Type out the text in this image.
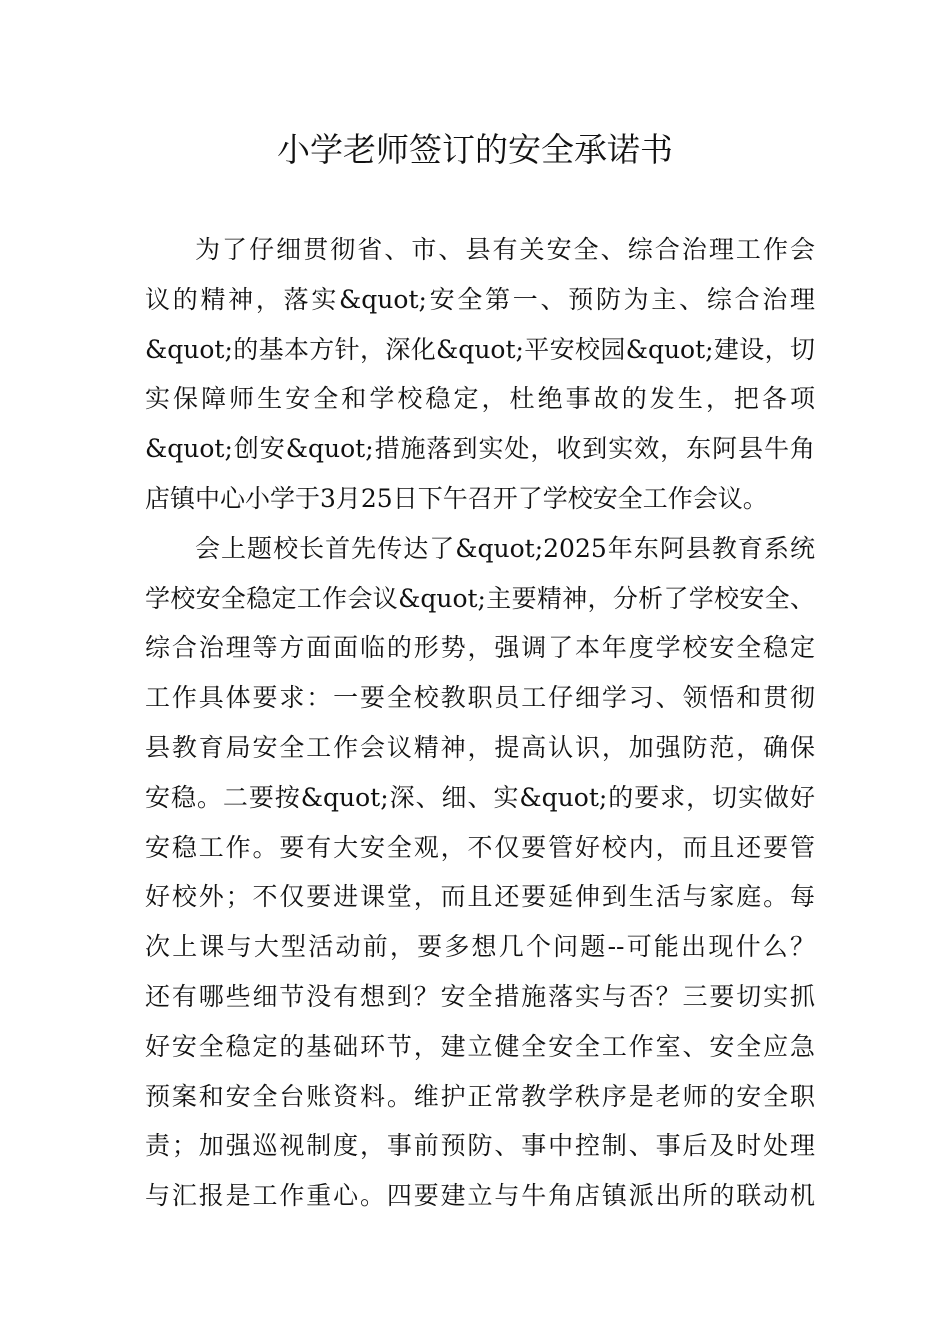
小学老师签订的安全承诺书
为了仔细贯彻省、市、县有关安全、综合治理工作会
议的精神，落实&quot;安全第一、预防为主、综合治理
&quot;的基本方针，深化&quot;平安校园&quot;建设，切
实保障师生安全和学校稳定，杜绝事故的发生，把各项
&quot;创安&quot;措施落到实处，收到实效，东阿县牛角
店镇中心小学于3月25日下午召开了学校安全工作会议。
会上题校长首先传达了&quot;2025年东阿县教育系统
学校安全稳定工作会议&quot;主要精神，分析了学校安全、
综合治理等方面面临的形势，强调了本年度学校安全稳定
工作具体要求：一要全校教职员工仔细学习、领悟和贯彻
县教育局安全工作会议精神，提高认识，加强防范，确保
安稳。二要按&quot;深、细、实&quot;的要求，切实做好
安稳工作。要有大安全观，不仅要管好校内，而且还要管
好校外；不仅要进课堂，而且还要延伸到生活与家庭。每
次上课与大型活动前，要多想几个问题--可能出现什么？
还有哪些细节没有想到？安全措施落实与否？三要切实抓
好安全稳定的基础环节，建立健全安全工作室、安全应急
预案和安全台账资料。维护正常教学秩序是老师的安全职
责；加强巡视制度，事前预防、事中控制、事后及时处理
与汇报是工作重心。四要建立与牛角店镇派出所的联动机
